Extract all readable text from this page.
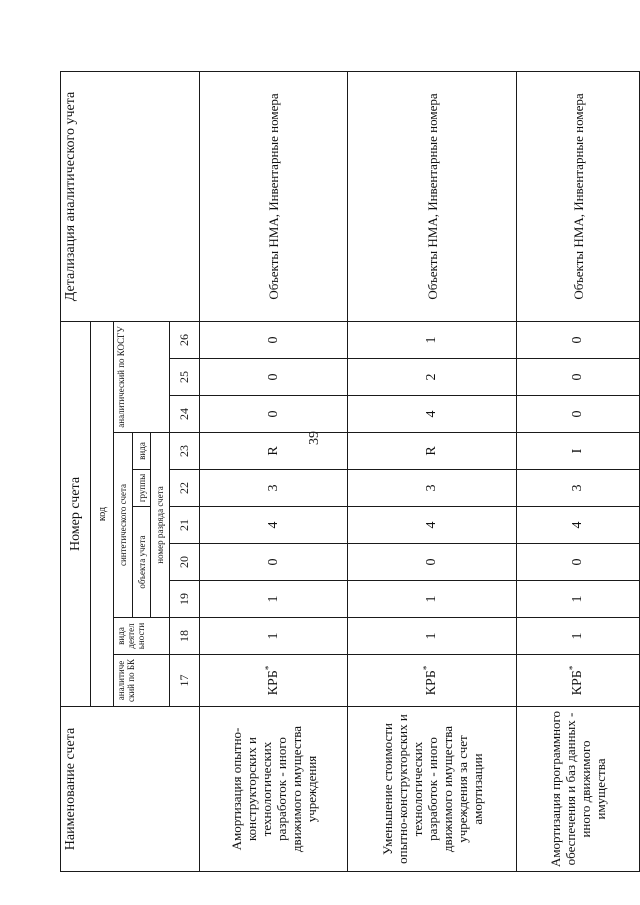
39
Наименование счета	Номер счета										Детализация аналитического учета
	код										
	аналитиче ский по БК	вида деятел ьности	синтетического счета					аналитический по КОСГУ			
			объекта учета			группы	вида				
			номер разряда счета								
	17	18	19	20	21	22	23	24	25	26	
Амортизация опытно-конструкторских и технологических разработок - иного движимого имущества учреждения	КРБ*	1	1	0	4	3	R	0	0	0	Объекты НМА, Инвентарные номера
Уменьшение стоимости опытно-конструкторских и технологических разработок - иного движимого имущества учреждения за счет амортизации	КРБ*	1	1	0	4	3	R	4	2	1	Объекты НМА, Инвентарные номера
Амортизация программного обеспечения и баз данных - иного движимого имущества	КРБ*	1	1	0	4	3	I	0	0	0	Объекты НМА, Инвентарные номера
